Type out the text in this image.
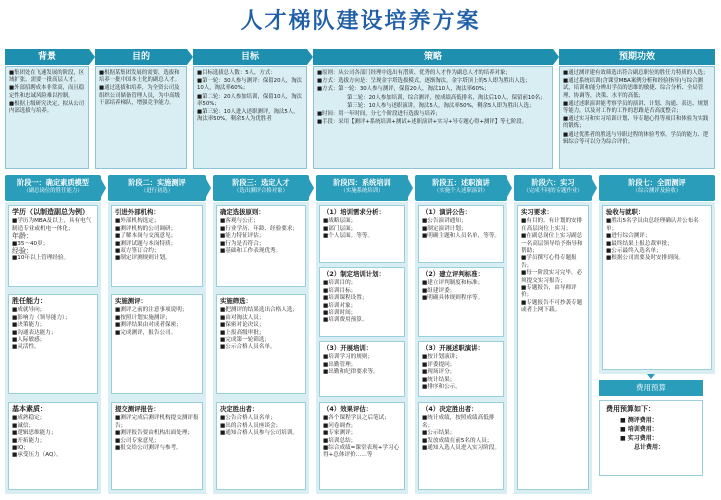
人才梯队建设培养方案
背景	目的	目标	策略	预期功效
■集团处在飞速发展的阶段，区域扩张，需要一批高层人才。
■外部招聘成本非常高，而且稳定性和忠诚风险难以控制。
■根据上级研究决定，拟从公司内部选拔与培养。
■根据某集团发展的需要，选拔和培养一批中国本土化的副总人才。
■通过选拔和培养，为全资公司及组织公司储备管理人员，为中高级干部培养梯队，增强竞争能力。
■目标选拔总人数：5人，方式：
■第一轮：30人参与测评：保留20人，淘汰10人，淘汰率60%；
■第二轮：20人参加培训，保留10人，淘汰率50%；
■第三轮：10人进入述职测评，淘汰5人，淘汰率50%，剩余5人为优胜者
■原则：从公司各部门经理中选出有潜质、优秀的人才作为副总人才的培养对象；
■方式：选拔方向是：呈现金字塔选拔模式，逐渐淘汰，金字塔顶上的5人即为胜出人选；
■方式：第一轮：30人参与测评，保留20人，淘汰10人，淘汰率60%；
第二轮：20人参加培训，综合测评，按成绩高低排名，淘汰后10人，保留前10名；
第三轮：10人参与述职演讲，淘汰5人，淘汰率50%，剩余5人即为胜出人选；
■时间：用一年时间，分七个阶段进行选拔与培养；
■手段：采用【测评+系统培训+测试+述职演讲+实习+导专题心得+测评】等七阶段。
■通过测评建有效筛选出符合副总职位的胜任力特质的人选；
■通过系统培训(含课堂MBA案例分析和经验指导)与综合测试，培训和能分辨出学员的思维的敏捷、综合分析、全局管理、协调等，决策、水平的高低；
■通过述职演讲能考察学员的演讲、计划、沟通、表达、规划等能力，以及对工作的工作的思路是否高度整合；
■通过实习和实习培训计划、导专题心得等项目和体验为实践的锻炼；
■通过优胜者的胜选与导职过程的体验考察，学员的能力、逻辑综合等可以分为综合评价。
阶段一：确定素质模型
（副总岗位的胜任能力）
阶段二：实施测评
（进行初选）
阶段三：选定人才
（选出测评合格对象）
阶段四：系统培训
（实施系统培训）
阶段五：述职演讲
（实施个人述职演讲）
阶段六：实习
（完成不同的专题作业）
阶段七：全面测评
（综合测评及验收）
学历（以制造副总为例）
■学历为MBA及以上，具有电气制造专业或机电一体化；
年龄：
■35～40岁；
经验：
■10年以上管理经验。
胜任能力：
■成就导向；
■影响力（领导能力）；
■决策能力；
■沟通表达能力；
■人际敏感；
■灵活性。
基本素质：
■成熟稳定；
■诚信；
■逻辑思维能力；
■开拓能力；
■IQ；
■承受压力（AQ）。
引进外部机构：
■外部机构选定；
■测评机构的公司调研；
■了解本岗与交流意见；
■测评试题与本岗特质；
■双方签订合约；
■制定评测规则计划。
实施测评：
■测评之前的注意事项说明；
■按照计划实施测评；
■测评结果由对成者保密；
■完成测评，报告公司。
提交测评报告：
■测评完成后测评机构提交测评报告；
■测评报告要由机构出面处理；
■公司专家意见；
■报交给公司测评与参考。
确定选拔原则：
■客观与公正；
■行业学历、年龄、经验要求；
■能力特征评估；
■行为是否符合；
■基础和工作表现优秀。
实施筛选：
■把测评的结果选出合格人选；
■由对淘汰人员；
■保密对论决议；
■上报高级审批；
■完成第一轮筛选；
■公示合格人员名单。
决定胜出者：
■公告合格人员名单；
■出的合格人员座谈会；
■通知合格人员参与公司培训。
（1）培训需求分析：
■战略层面；
■部门层面；
■个人层面。等等。
（2）制定培训计划：
■培训目的；
■培训目标；
■培训课程设置；
■培训对象；
■培训时间；
■培训费用预算。
（3）开展培训：
■培训学习的规则；
■出勤管理；
■出勤和纪律要求等。
（4）效果评估：
■各个课程学员之后笔试；
■问卷调查；
■专家测评；
■培训总结；
■综合成绩=课堂表现+学习心得+总体评价……等
（1）演讲公告：
■公告演讲通知；
■制定演讲计划；
■明确主题和人员名单，等等。
（2）建立评判标准：
■建立评判制度和标准；
■组建评委；
■明确具体规则程序等。
（3）开展述职演讲：
■按计划演讲；
■评委提问；
■现场评分；
■统计结果；
■排序和公示。
（4）决定胜出者：
■统计成绩，按照成绩高低排名；
■公示结果；
■发放成绩在前5名的人员；
■通知入选人员进入实习阶段。
实习要求：
■有目的、有计划的安排在高层岗位上实习；
■在副总岗位上实习副总一名高层领导给予指导和帮助；
■学员撰写心得专题报告；
■每一阶段实习完毕，必须提交实习报告；
■专题报告，由导师评价；
■专题报告不可抄袭专题或者上网下载。
验收与就职：
■胜出5名学员由总经理确认并公布名单；
■进行综合测评；
■最终结果上报总裁审批；
■公示最终入选名单；
■根据公司需要及时安排到岗。
费用预算
费用预算如下：
■ 测评费用：
■ 培训费用：
■ 实习费用：
总计费用：
